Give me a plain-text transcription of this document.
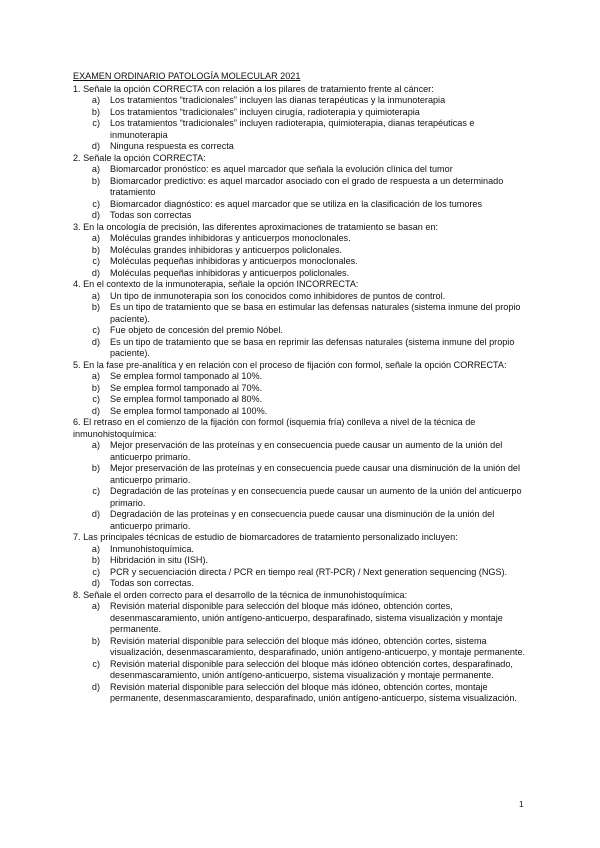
EXAMEN ORDINARIO PATOLOGÍA MOLECULAR 2021
1. Señale la opción CORRECTA con relación a los pilares de tratamiento frente al cáncer:
a)	Los tratamientos “tradicionales” incluyen las dianas terapéuticas y la inmunoterapia
b)	Los tratamientos “tradicionales” incluyen cirugía, radioterapia y quimioterapia
c)	Los tratamientos “tradicionales” incluyen radioterapia, quimioterapia, dianas terapéuticas e inmunoterapia
d)	Ninguna respuesta es correcta
2. Señale la opción CORRECTA:
a)	Biomarcador pronóstico: es aquel marcador que señala la evolución clínica del tumor
b)	Biomarcador predictivo: es aquel marcador asociado con el grado de respuesta a un determinado tratamiento
c)	Biomarcador diagnóstico: es aquel marcador que se utiliza en la clasificación de los tumores
d)	Todas son correctas
3. En la oncología de precisión, las diferentes aproximaciones de tratamiento se basan en:
a)	Moléculas grandes inhibidoras y anticuerpos monoclonales.
b)	Moléculas grandes inhibidoras y anticuerpos policlonales.
c)	Moléculas pequeñas inhibidoras y anticuerpos monoclonales.
d)	Moléculas pequeñas inhibidoras y anticuerpos policlonales.
4. En el contexto de la inmunoterapia, señale la opción INCORRECTA:
a)	Un tipo de inmunoterapia son los conocidos como inhibidores de puntos de control.
b)	Es un tipo de tratamiento que se basa en estimular las defensas naturales (sistema inmune del propio paciente).
c)	Fue objeto de concesión del premio Nóbel.
d)	Es un tipo de tratamiento que se basa en reprimir las defensas naturales (sistema inmune del propio paciente).
5. En la fase pre-analítica y en relación con el proceso de fijación con formol, señale la opción CORRECTA:
a)	Se emplea formol tamponado al 10%.
b)	Se emplea formol tamponado al 70%.
c)	Se emplea formol tamponado al 80%.
d)	Se emplea formol tamponado al 100%.
6. El retraso en el comienzo de la fijación con formol (isquemia fría) conlleva a nivel de la técnica de inmunohistoquímica:
a)	Mejor preservación de las proteínas y en consecuencia puede causar un aumento de la unión del anticuerpo primario.
b)	Mejor preservación de las proteínas y en consecuencia puede causar una disminución de la unión del anticuerpo primario.
c)	Degradación de las proteínas y en consecuencia puede causar un aumento de la unión del anticuerpo primario.
d)	Degradación de las proteínas y en consecuencia puede causar una disminución de la unión del anticuerpo primario.
7. Las principales técnicas de estudio de biomarcadores de tratamiento personalizado incluyen:
a)	Inmunohistoquímica.
b)	Hibridación in situ (ISH).
c)	PCR y secuenciación directa / PCR en tiempo real (RT-PCR) / Next generation sequencing (NGS).
d)	Todas son correctas.
8. Señale el orden correcto para el desarrollo de la técnica de inmunohistoquímica:
a)	Revisión material disponible para selección del bloque más idóneo, obtención cortes, desenmascaramiento, unión antígeno-anticuerpo, desparafinado, sistema visualización y montaje permanente.
b)	Revisión material disponible para selección del bloque más idóneo, obtención cortes, sistema visualización, desenmascaramiento, desparafinado, unión antígeno-anticuerpo, y montaje permanente.
c)	Revisión material disponible para selección del bloque más idóneo obtención cortes, desparafinado, desenmascaramiento, unión antígeno-anticuerpo, sistema visualización y montaje permanente.
d)	Revisión material disponible para selección del bloque más idóneo, obtención cortes, montaje permanente, desenmascaramiento, desparafinado, unión antígeno-anticuerpo, sistema visualización.
1
